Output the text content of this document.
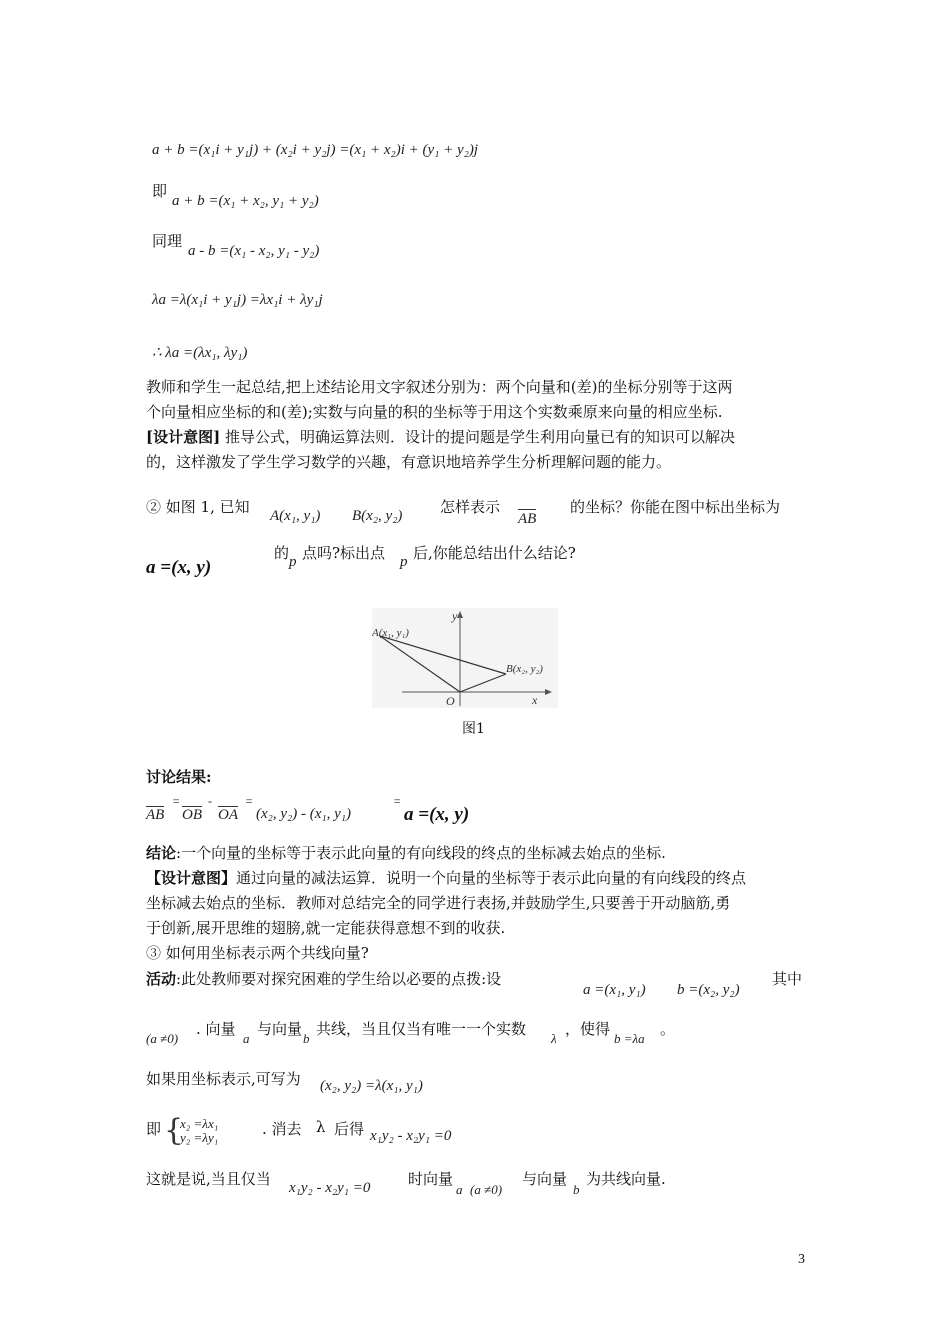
a + b =(x₁i + y₁j) + (x₂i + y₂j) =(x₁ + x₂)i + (y₁ + y₂)j
即
a + b =(x₁ + x₂, y₁ + y₂)
同理
a - b =(x₁ - x₂, y₁ - y₂)
λa =λ(x₁i + y₁j) =λx₁i + λy₁j
∴ λa =(λx₁, λy₁)
教师和学生一起总结,把上述结论用文字叙述分别为：两个向量和(差)的坐标分别等于这两
个向量相应坐标的和(差);实数与向量的积的坐标等于用这个实数乘原来向量的相应坐标.
[设计意图] 推导公式，明确运算法则．设计的提问题是学生利用向量已有的知识可以解决
的，这样激发了学生学习数学的兴趣，有意识地培养学生分析理解问题的能力。
② 如图 1, 已知 A(x₁, y₁) B(x₂, y₂)	怎样表示
AB
的坐标？你能在图中标出坐标为
a =(x, y)
的 p 点吗?标出点 p 后,你能总结出什么结论?
y
x
O
A(x₁, y₁)
B(x₂, y₂)
图1
讨论结果:
AB
=
OB
-
OA
=
(x₂, y₂) - (x₁, y₁)
=
a =(x, y)
结论:一个向量的坐标等于表示此向量的有向线段的终点的坐标减去始点的坐标.
【设计意图】通过向量的减法运算．说明一个向量的坐标等于表示此向量的有向线段的终点
坐标减去始点的坐标．教师对总结完全的同学进行表扬,并鼓励学生,只要善于开动脑筋,勇
于创新,展开思维的翅膀,就一定能获得意想不到的收获.
③ 如何用坐标表示两个共线向量?
活动:此处教师要对探究困难的学生给以必要的点拨:设
a =(x₁, y₁) b =(x₂, y₂)
其中
(a ≠0)
. 向量
a
与向量
b
共线，当且仅当有唯一一个实数
λ
，使得
b =λa
。
如果用坐标表示,可写为 (x₂, y₂) =λ(x₁, y₁)
即 {
x₂ =λx₁
y₂ =λy₁	. 消去 λ 后得 x₁y₂ - x₂y₁ =0
这就是说,当且仅当 x₁y₂ - x₂y₁ =0	时向量
a (a ≠0)
与向量
b
为共线向量.
3
